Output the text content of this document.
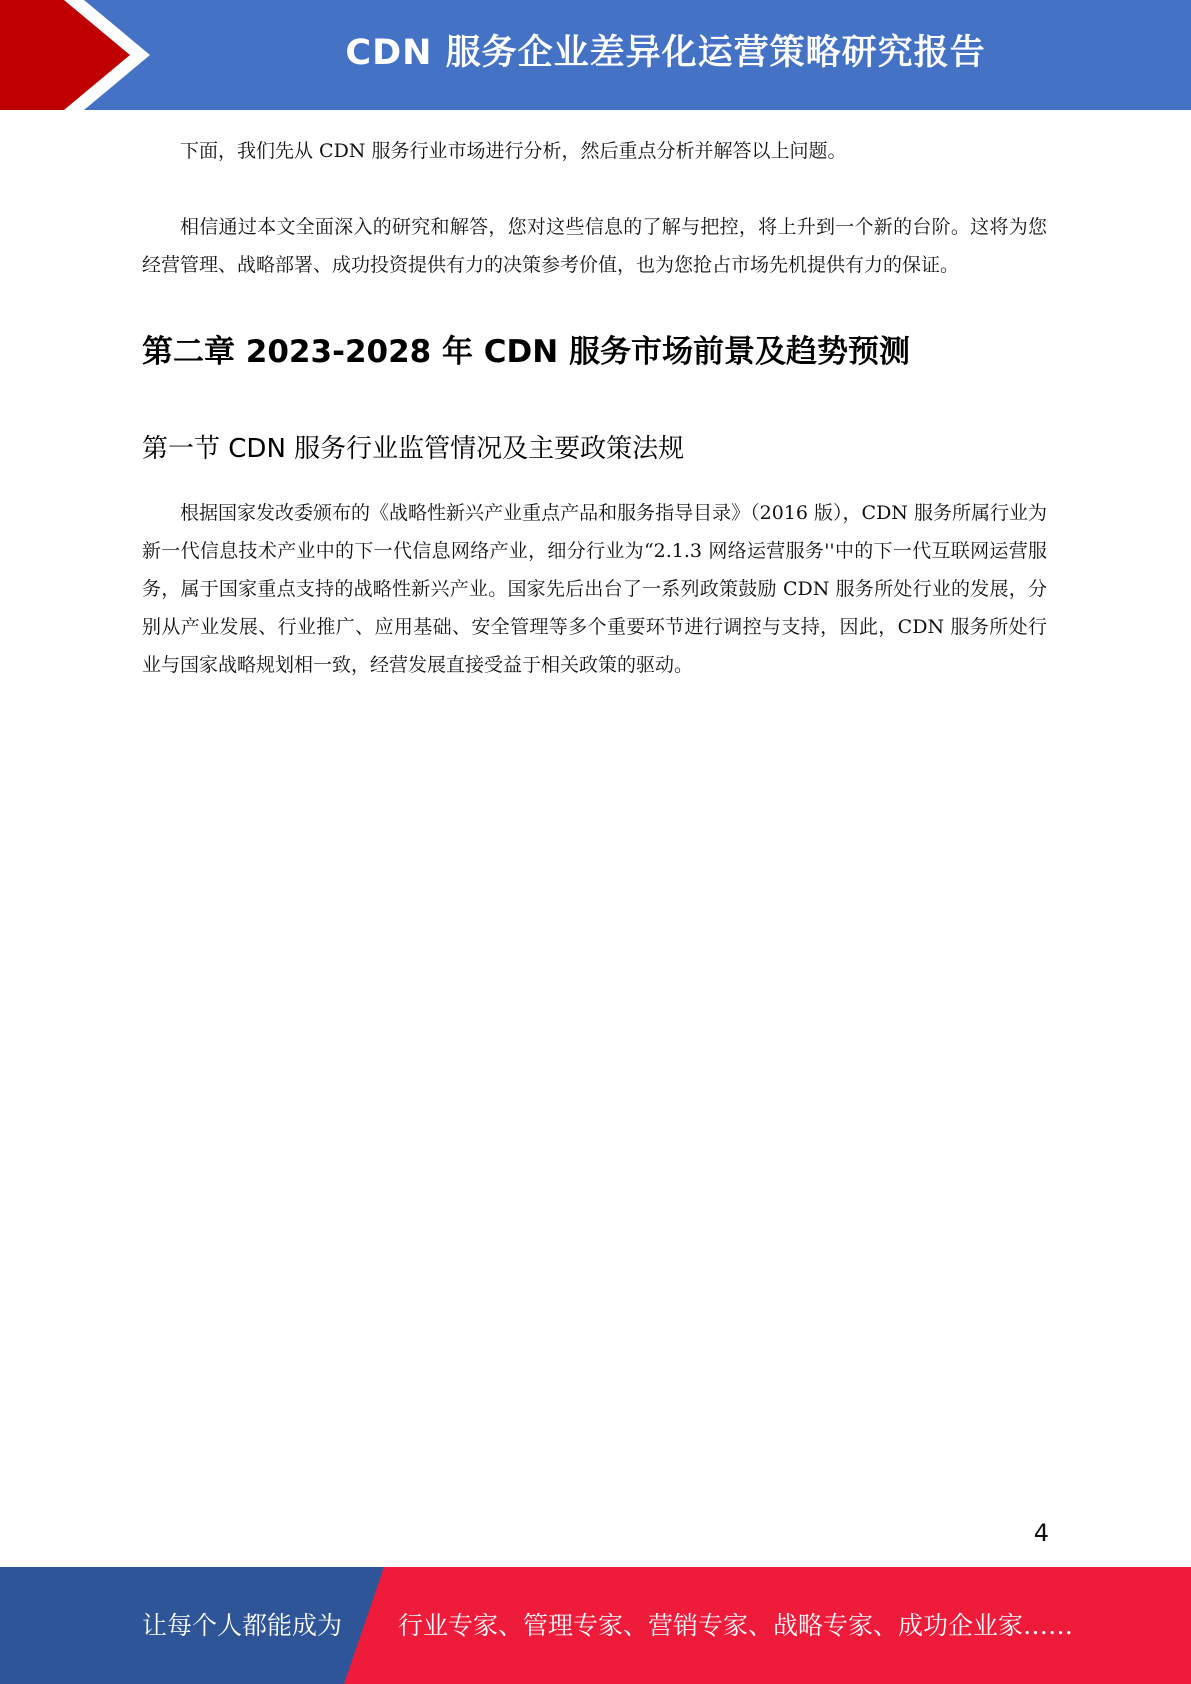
CDN 服务企业差异化运营策略研究报告

下面，我们先从 CDN 服务行业市场进行分析，然后重点分析并解答以上问题。

相信通过本文全面深入的研究和解答，您对这些信息的了解与把控，将上升到一个新的台阶。这将为您经营管理、战略部署、成功投资提供有力的决策参考价值，也为您抢占市场先机提供有力的保证。

第二章 2023-2028 年 CDN 服务市场前景及趋势预测
第一节 CDN 服务行业监管情况及主要政策法规

根据国家发改委颁布的《战略性新兴产业重点产品和服务指导目录》（2016 版），CDN 服务所属行业为新一代信息技术产业中的下一代信息网络产业，细分行业为“2.1.3 网络运营服务''中的下一代互联网运营服务，属于国家重点支持的战略性新兴产业。国家先后出台了一系列政策鼓励 CDN 服务所处行业的发展，分别从产业发展、行业推广、应用基础、安全管理等多个重要环节进行调控与支持，因此，CDN 服务所处行业与国家战略规划相一致，经营发展直接受益于相关政策的驱动。

4
让每个人都能成为 行业专家、管理专家、营销专家、战略专家、成功企业家……
